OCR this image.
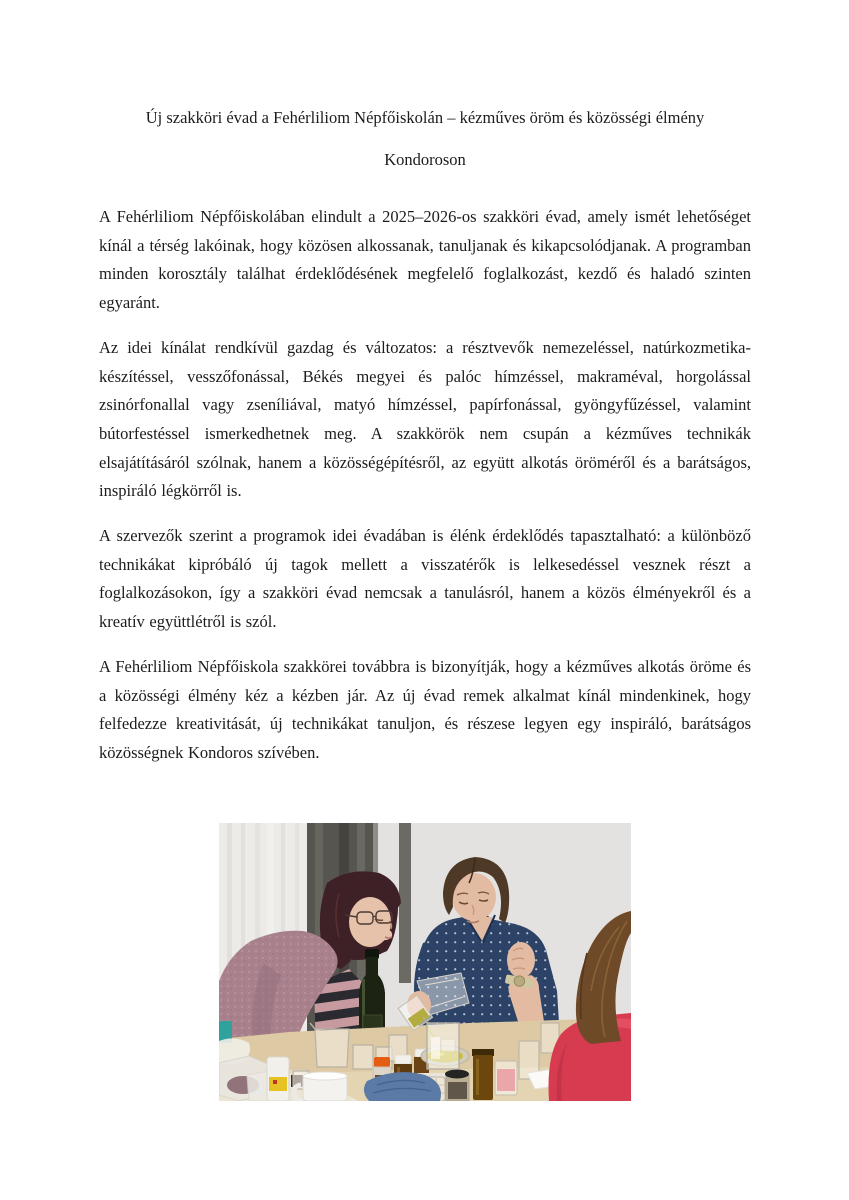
Új szakköri évad a Fehérliliom Népfőiskolán – kézműves öröm és közösségi élmény
Kondoroson

A Fehérliliom Népfőiskolában elindult a 2025–2026-os szakköri évad, amely ismét lehetőséget kínál a térség lakóinak, hogy közösen alkossanak, tanuljanak és kikapcsolódjanak. A programban minden korosztály találhat érdeklődésének megfelelő foglalkozást, kezdő és haladó szinten egyaránt.

Az idei kínálat rendkívül gazdag és változatos: a résztvevők nemezeléssel, natúrkozmetika-készítéssel, vesszőfonással, Békés megyei és palóc hímzéssel, makraméval, horgolással zsinórfonallal vagy zseníliával, matyó hímzéssel, papírfonással, gyöngyfűzéssel, valamint bútorfestéssel ismerkedhetnek meg. A szakkörök nem csupán a kézműves technikák elsajátításáról szólnak, hanem a közösségépítésről, az együtt alkotás öröméről és a barátságos, inspiráló légkörről is.

A szervezők szerint a programok idei évadában is élénk érdeklődés tapasztalható: a különböző technikákat kipróbáló új tagok mellett a visszatérők is lelkesedéssel vesznek részt a foglalkozásokon, így a szakköri évad nemcsak a tanulásról, hanem a közös élményekről és a kreatív együttlétről is szól.

A Fehérliliom Népfőiskola szakkörei továbbra is bizonyítják, hogy a kézműves alkotás öröme és a közösségi élmény kéz a kézben jár. Az új évad remek alkalmat kínál mindenkinek, hogy felfedezze kreativitását, új technikákat tanuljon, és részese legyen egy inspiráló, barátságos közösségnek Kondoros szívében.
